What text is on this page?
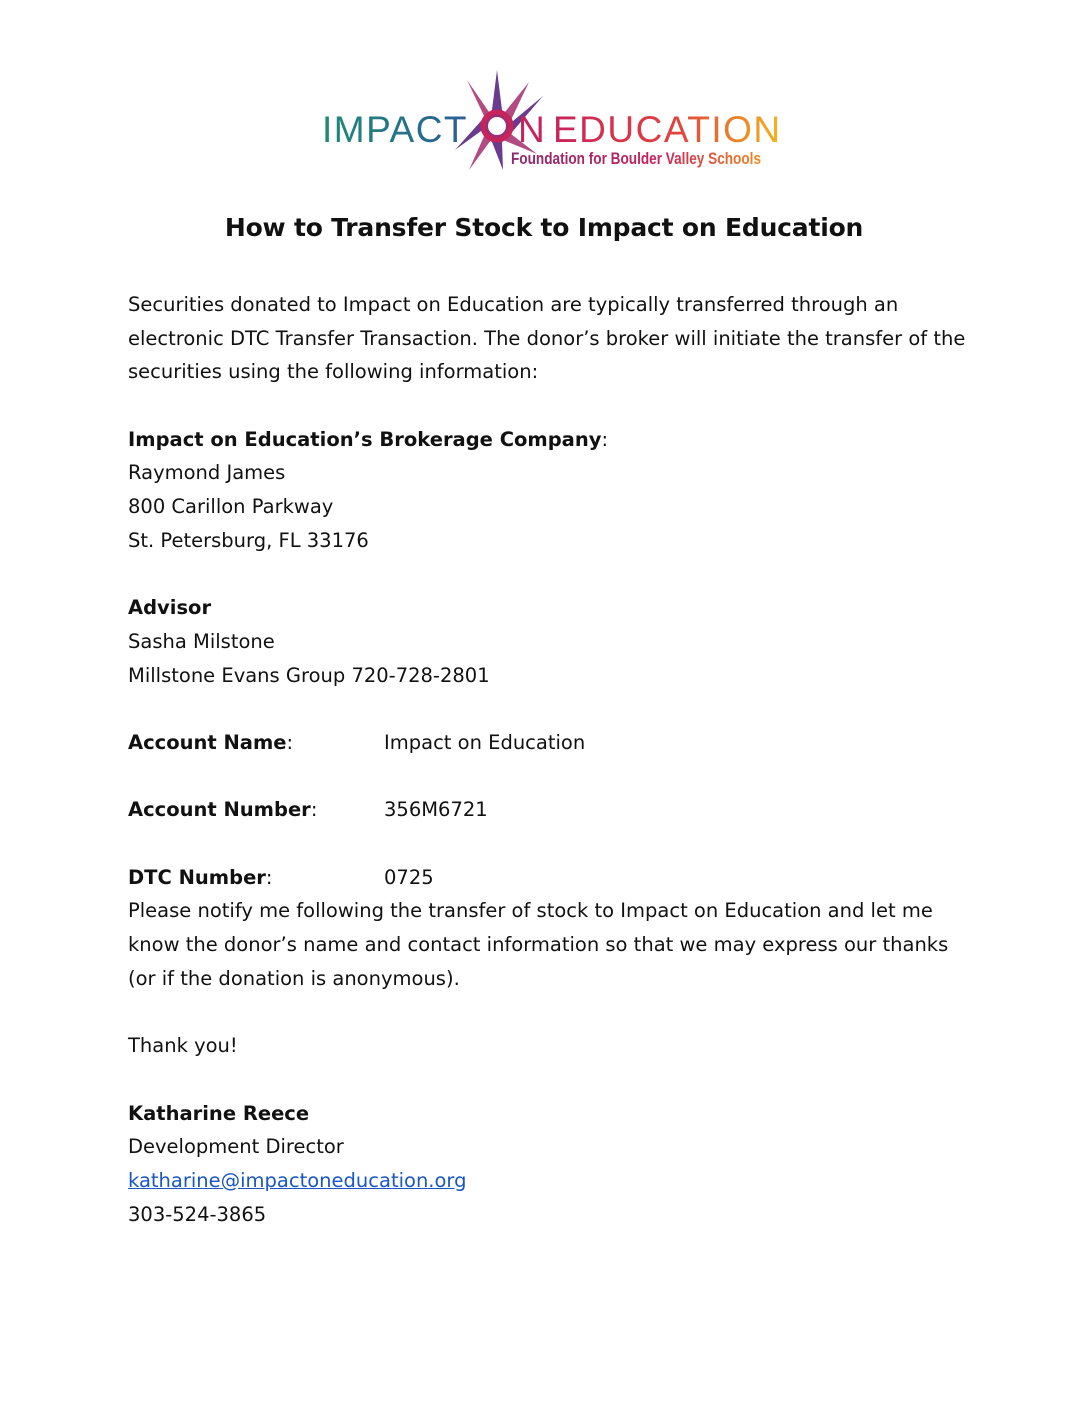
IMPACT N EDUCATION
Foundation for Boulder Valley Schools
How to Transfer Stock to Impact on Education
Securities donated to Impact on Education are typically transferred through an
electronic DTC Transfer Transaction. The donor’s broker will initiate the transfer of the
securities using the following information:
Impact on Education’s Brokerage Company:
Raymond James
800 Carillon Parkway
St. Petersburg, FL 33176
Advisor
Sasha Milstone
Millstone Evans Group 720-728-2801
Account Name:	Impact on Education
Account Number:	356M6721
DTC Number:	0725
Please notify me following the transfer of stock to Impact on Education and let me
know the donor’s name and contact information so that we may express our thanks
(or if the donation is anonymous).
Thank you!
Katharine Reece
Development Director
katharine@impactoneducation.org
303-524-3865
